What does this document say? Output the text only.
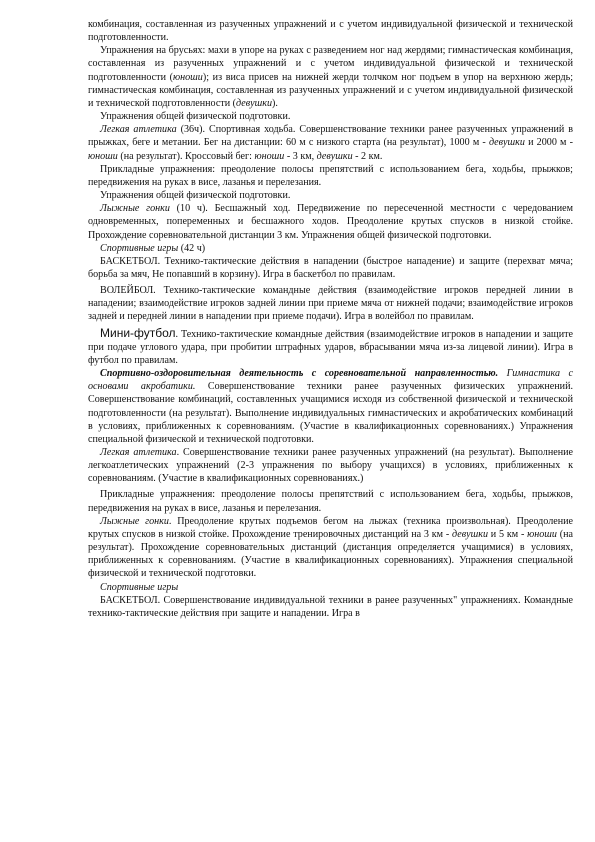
комбинация, составленная из разученных упражнений и с учетом индивидуальной физической и технической подготовленности.

Упражнения на брусьях: махи в упоре на руках с разведением ног над жердями; гимнастическая комбинация, составленная из разученных упражнений и с учетом индивидуальной физической и технической подготовленности (юноши); из виса присев на нижней жерди толчком ног подъем в упор на верхнюю жердь; гимнастическая комбинация, составленная из разученных упражнений и с учетом индивидуальной физической и технической подготовленности (девушки).

Упражнения общей физической подготовки.

Легкая атлетика (36ч). Спортивная ходьба. Совершенствование техники ранее разученных упражнений в прыжках, беге и метании. Бег на дистанции: 60 м с низкого старта (на результат), 1000 м - девушки и 2000 м - юноши (на результат). Кроссовый бег: юноши - 3 км, девушки - 2 км.

Прикладные упражнения: преодоление полосы препятствий с использованием бега, ходьбы, прыжков; передвижения на руках в висе, лазанья и перелезания.

Упражнения общей физической подготовки.

Лыжные гонки (10 ч). Бесшажный ход. Передвижение по пересеченной местности с чередованием одновременных, попеременных и бесшажного ходов. Преодоление крутых спусков в низкой стойке. Прохождение соревновательной дистанции 3 км. Упражнения общей физической подготовки.

Спортивные игры (42 ч)

БАСКЕТБОЛ. Технико-тактические действия в нападении (быстрое нападение) и защите (перехват мяча; борьба за мяч, Не попавший в корзину). Игра в баскетбол по правилам.

ВОЛЕЙБОЛ. Технико-тактические командные действия (взаимодействие игроков передней линии в нападении; взаимодействие игроков задней линии при приеме мяча от нижней подачи; взаимодействие игроков задней и передней линии в нападении при приеме подачи). Игра в волейбол по правилам.

Мини-футбол. Технико-тактические командные действия (взаимодействие игроков в нападении и защите при подаче углового удара, при пробитии штрафных ударов, вбрасывании мяча из-за лицевой линии). Игра в футбол по правилам.

Спортивно-оздоровительная деятельность с соревновательной направленностью. Гимнастика с основами акробатики. Совершенствование техники ранее разученных физических упражнений. Совершенствование комбинаций, составленных учащимися исходя из собственной физической и технической подготовленности (на результат). Выполнение индивидуальных гимнастических и акробатических комбинаций в условиях, приближенных к соревнованиям. (Участие в квалификационных соревнованиях.) Упражнения специальной физической и технической подготовки.

Легкая атлетика. Совершенствование техники ранее разученных упражнений (на результат). Выполнение легкоатлетических упражнений (2-3 упражнения по выбору учащихся) в условиях, приближенных к соревнованиям. (Участие в квалификационных соревнованиях.)

Прикладные упражнения: преодоление полосы препятствий с использованием бега, ходьбы, прыжков, передвижения на руках в висе, лазанья и перелезания.

Лыжные гонки. Преодоление крутых подъемов бегом на лыжах (техника произвольная). Преодоление крутых спусков в низкой стойке. Прохождение тренировочных дистанций на 3 км - девушки и 5 км - юноши (на результат). Прохождение соревновательных дистанций (дистанция определяется учащимися) в условиях, приближенных к соревнованиям. (Участие в квалификационных соревнованиях). Упражнения специальной физической и технической подготовки.

Спортивные игры

БАСКЕТБОЛ. Совершенствование индивидуальной техники в ранее разученных" упражнениях. Командные технико-тактические действия при защите и нападении. Игра в
